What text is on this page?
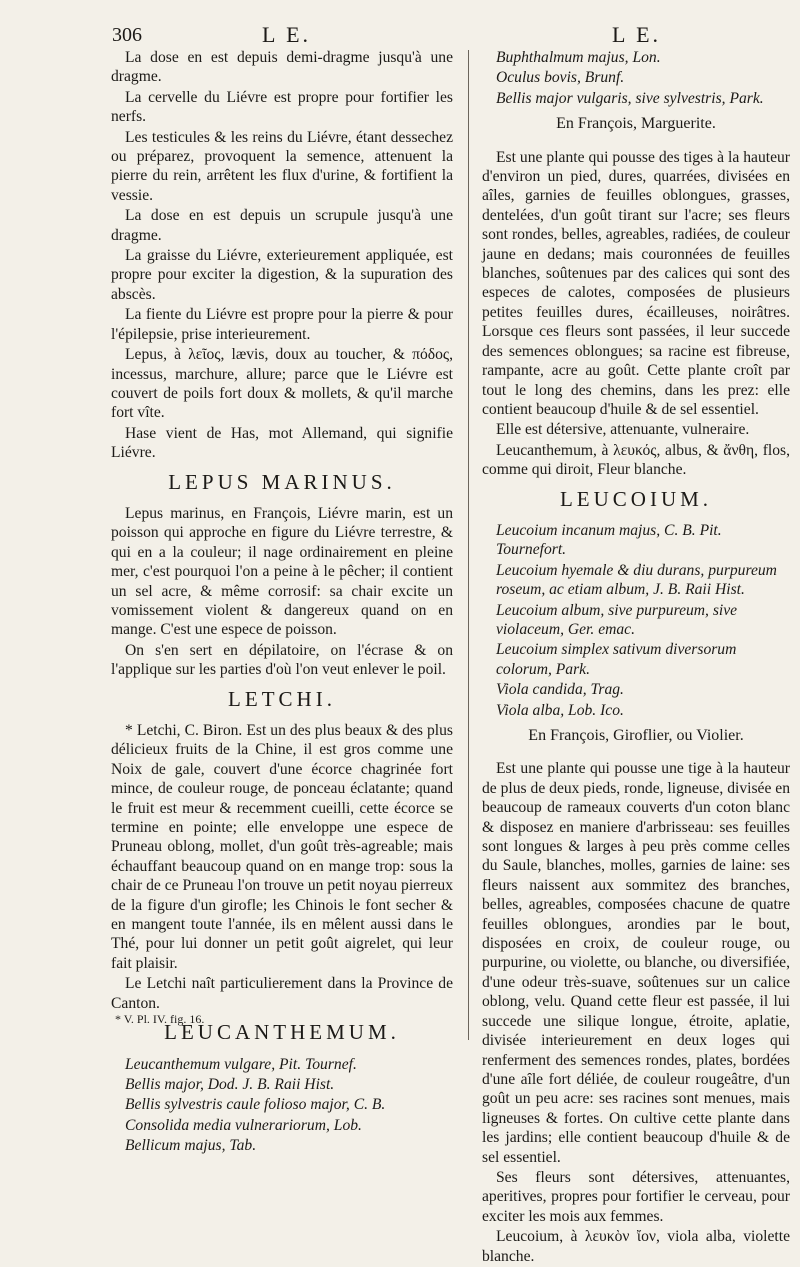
306	L E.	L E.

La dose en est depuis demi-dragme jusqu'à une dragme.

La cervelle du Liévre est propre pour fortifier les nerfs.

Les testicules & les reins du Liévre, étant dessechez ou préparez, provoquent la semence, attenuent la pierre du rein, arrêtent les flux d'urine, & fortifient la vessie.

La dose en est depuis un scrupule jusqu'à une dragme.

La graisse du Liévre, exterieurement appliquée, est propre pour exciter la digestion, & la supuration des abscès.

La fiente du Liévre est propre pour la pierre & pour l'épilepsie, prise interieurement.

Lepus, à λεῖος, lævis, doux au toucher, & πόδος, incessus, marchure, allure; parce que le Liévre est couvert de poils fort doux & mollets, & qu'il marche fort vîte.

Hase vient de Has, mot Allemand, qui signifie Liévre.

LEPUS MARINUS.

Lepus marinus, en François, Liévre marin, est un poisson qui approche en figure du Liévre terrestre, & qui en a la couleur; il nage ordinairement en pleine mer, c'est pourquoi l'on a peine à le pêcher; il contient un sel acre, & même corrosif: sa chair excite un vomissement violent & dangereux quand on en mange. C'est une espece de poisson.

On s'en sert en dépilatoire, on l'écrase & on l'applique sur les parties d'où l'on veut enlever le poil.

LETCHI.

* Letchi, C. Biron. Est un des plus beaux & des plus délicieux fruits de la Chine, il est gros comme une Noix de gale, couvert d'une écorce chagrinée fort mince, de couleur rouge, de ponceau éclatante; quand le fruit est meur & recemment cueilli, cette écorce se termine en pointe; elle enveloppe une espece de Pruneau oblong, mollet, d'un goût très-agreable; mais échauffant beaucoup quand on en mange trop: sous la chair de ce Pruneau l'on trouve un petit noyau pierreux de la figure d'un girofle; les Chinois le font secher & en mangent toute l'année, ils en mêlent aussi dans le Thé, pour lui donner un petit goût aigrelet, qui leur fait plaisir.

Le Letchi naît particulierement dans la Province de Canton.

LEUCANTHEMUM.

Leucanthemum vulgare, Pit. Tournef.

Bellis major, Dod. J. B. Raii Hist.

Bellis sylvestris caule folioso major, C. B.

Consolida media vulnerariorum, Lob.

Bellicum majus, Tab.

Buphthalmum majus, Lon.

Oculus bovis, Brunf.

Bellis major vulgaris, sive sylvestris, Park.

En François, Marguerite.

Est une plante qui pousse des tiges à la hauteur d'environ un pied, dures, quarrées, divisées en aîles, garnies de feuilles oblongues, grasses, dentelées, d'un goût tirant sur l'acre; ses fleurs sont rondes, belles, agreables, radiées, de couleur jaune en dedans; mais couronnées de feuilles blanches, soûtenues par des calices qui sont des especes de calotes, composées de plusieurs petites feuilles dures, écailleuses, noirâtres. Lorsque ces fleurs sont passées, il leur succede des semences oblongues; sa racine est fibreuse, rampante, acre au goût. Cette plante croît par tout le long des chemins, dans les prez: elle contient beaucoup d'huile & de sel essentiel.

Elle est détersive, attenuante, vulneraire.

Leucanthemum, à λευκός, albus, & ἄνθη, flos, comme qui diroit, Fleur blanche.

LEUCOIUM.

Leucoium incanum majus, C. B. Pit. Tournefort.

Leucoium hyemale & diu durans, purpureum roseum, ac etiam album, J. B. Raii Hist.

Leucoium album, sive purpureum, sive violaceum, Ger. emac.

Leucoium simplex sativum diversorum colorum, Park.

Viola candida, Trag.

Viola alba, Lob. Ico.

En François, Giroflier, ou Violier.

Est une plante qui pousse une tige à la hauteur de plus de deux pieds, ronde, ligneuse, divisée en beaucoup de rameaux couverts d'un coton blanc & disposez en maniere d'arbrisseau: ses feuilles sont longues & larges à peu près comme celles du Saule, blanches, molles, garnies de laine: ses fleurs naissent aux sommitez des branches, belles, agreables, composées chacune de quatre feuilles oblongues, arondies par le bout, disposées en croix, de couleur rouge, ou purpurine, ou violette, ou blanche, ou diversifiée, d'une odeur très-suave, soûtenues sur un calice oblong, velu. Quand cette fleur est passée, il lui succede une silique longue, étroite, aplatie, divisée interieurement en deux loges qui renferment des semences rondes, plates, bordées d'une aîle fort déliée, de couleur rougeâtre, d'un goût un peu acre: ses racines sont menues, mais ligneuses & fortes. On cultive cette plante dans les jardins; elle contient beaucoup d'huile & de sel essentiel.

Ses fleurs sont détersives, attenuantes, aperitives, propres pour fortifier le cerveau, pour exciter les mois aux femmes.

Leucoium, à λευκὸν ἴον, viola alba, violette blanche.

* V. Pl. IV. fig. 16.
